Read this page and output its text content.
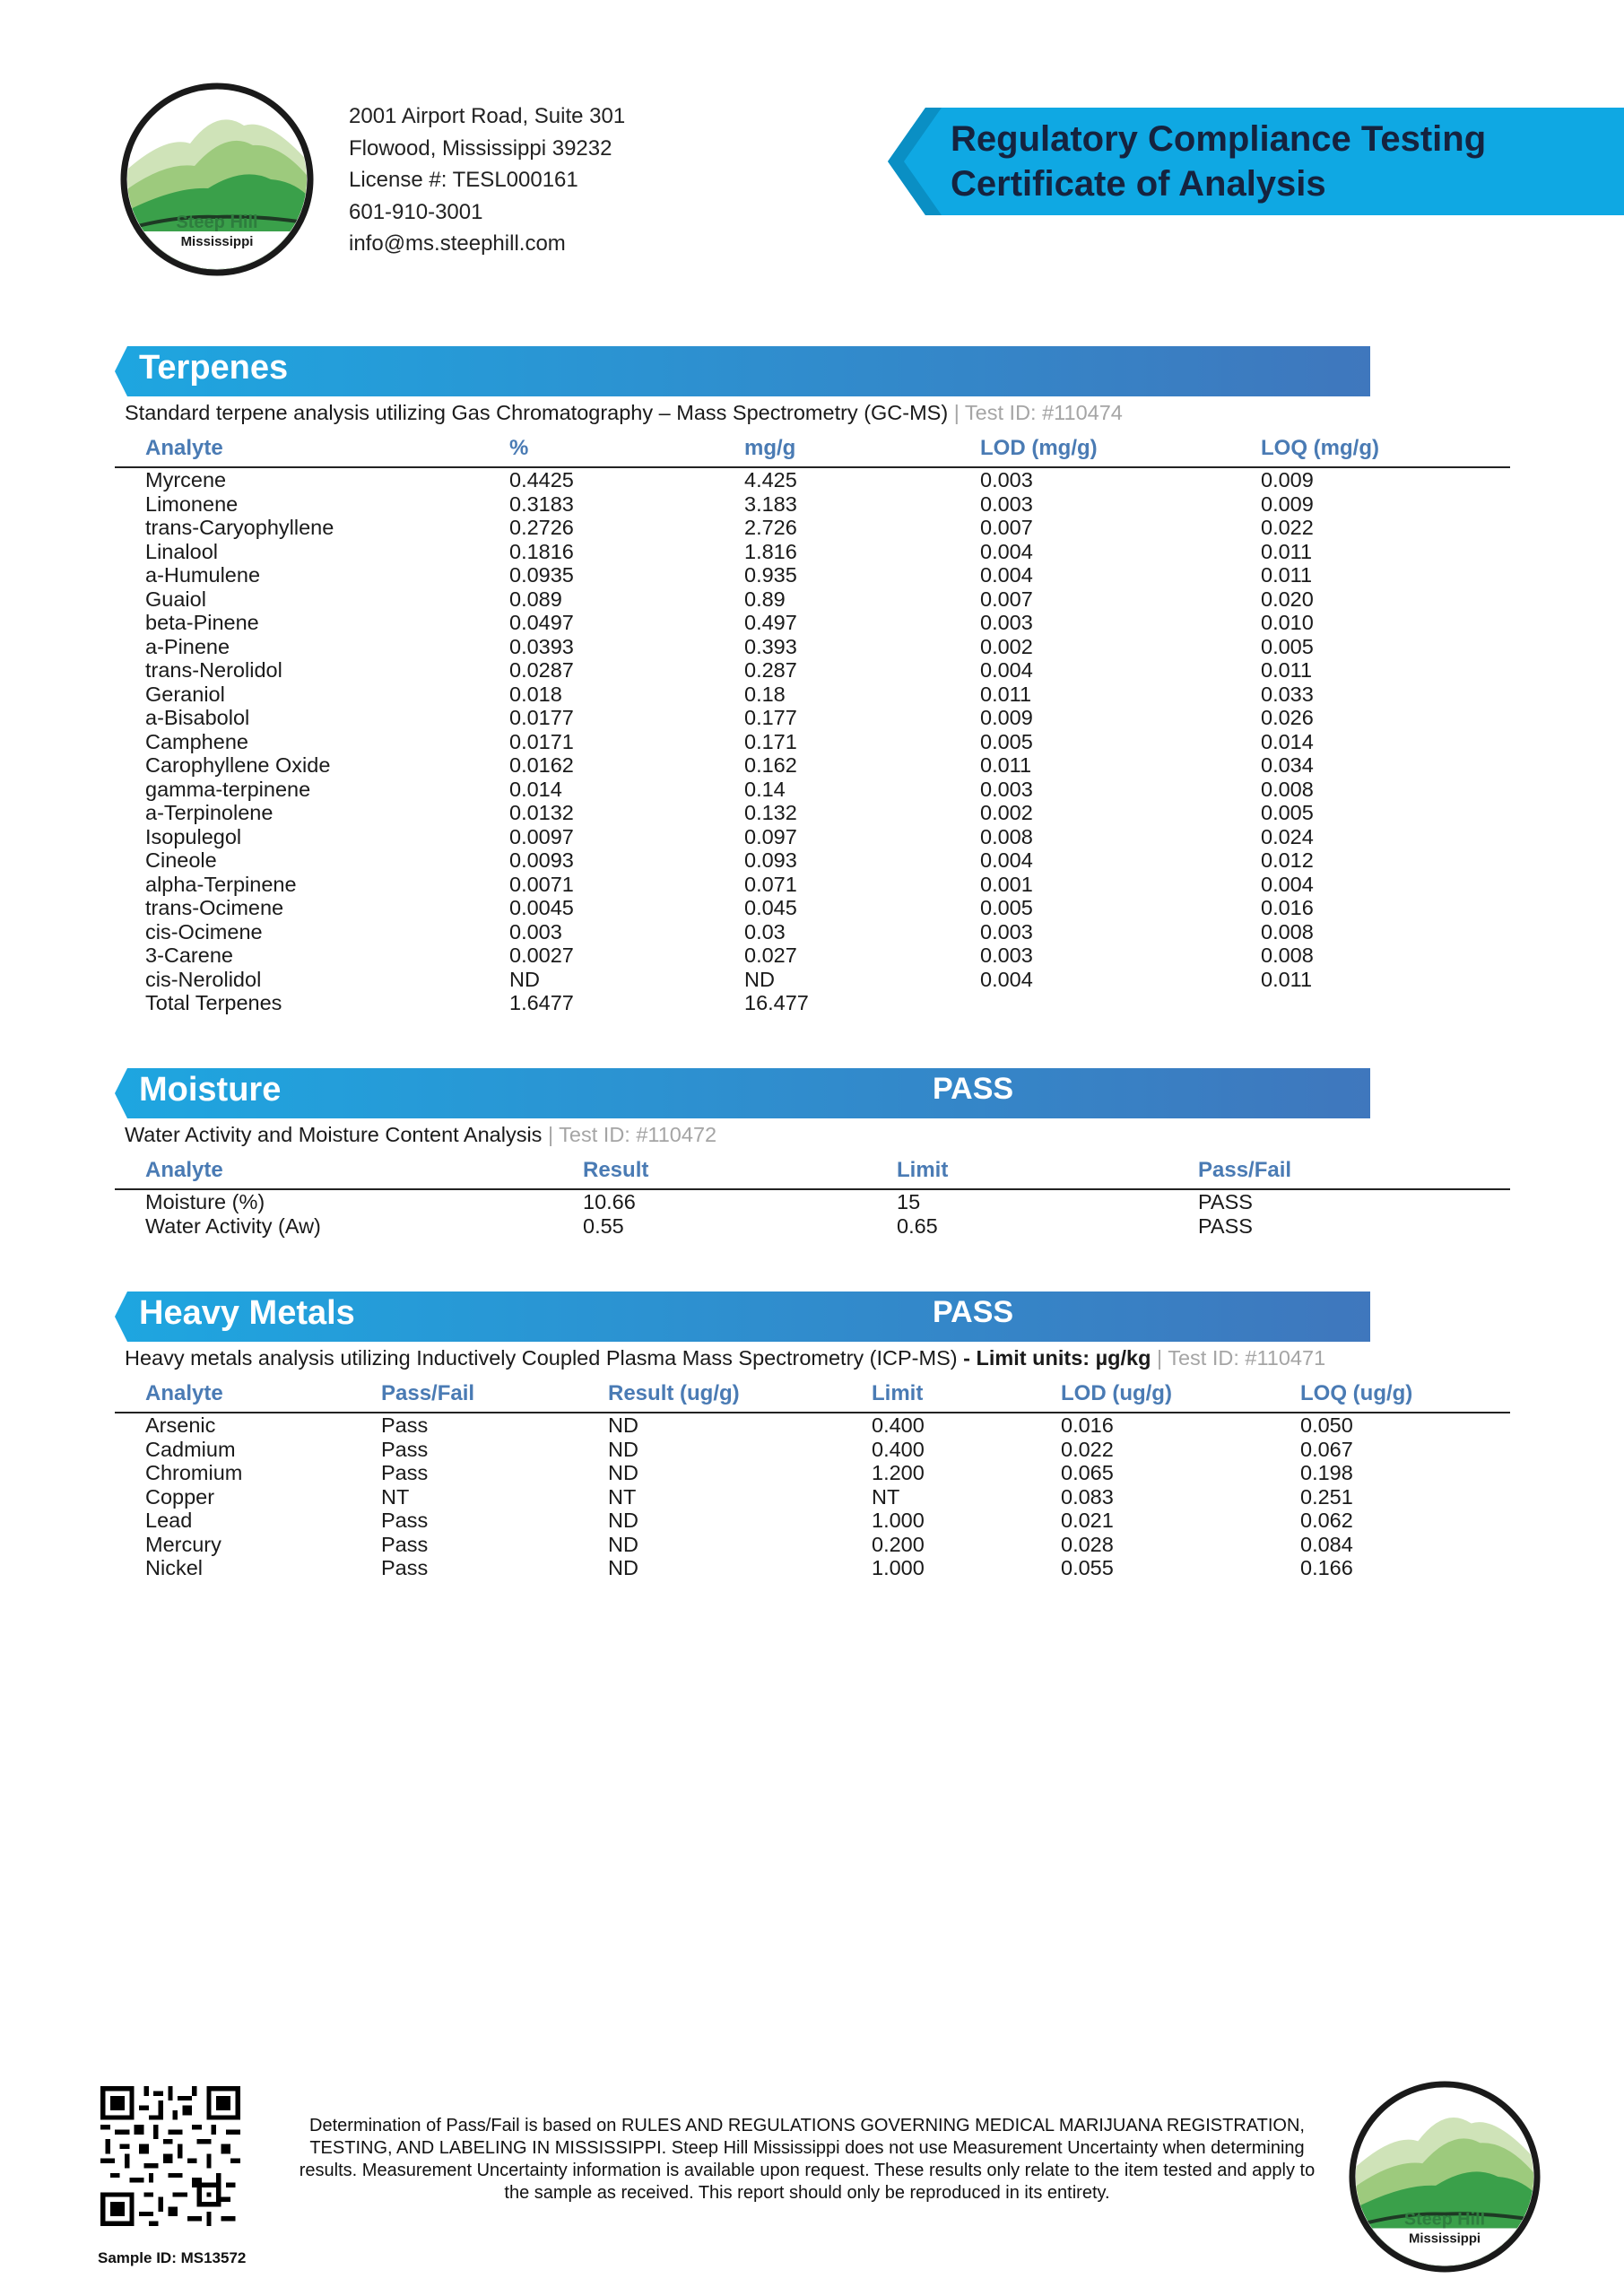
Steep Hill
Mississippi
2001 Airport Road, Suite 301
Flowood, Mississippi 39232
License #: TESL000161
601-910-3001
info@ms.steephill.com
Regulatory Compliance Testing
Certificate of Analysis
Terpenes
Standard terpene analysis utilizing Gas Chromatography – Mass Spectrometry (GC-MS) | Test ID: #110474
Analyte	%	mg/g	LOD (mg/g)	LOQ (mg/g)
Myrcene	0.4425	4.425	0.003	0.009
Limonene	0.3183	3.183	0.003	0.009
trans-Caryophyllene	0.2726	2.726	0.007	0.022
Linalool	0.1816	1.816	0.004	0.011
a-Humulene	0.0935	0.935	0.004	0.011
Guaiol	0.089	0.89	0.007	0.020
beta-Pinene	0.0497	0.497	0.003	0.010
a-Pinene	0.0393	0.393	0.002	0.005
trans-Nerolidol	0.0287	0.287	0.004	0.011
Geraniol	0.018	0.18	0.011	0.033
a-Bisabolol	0.0177	0.177	0.009	0.026
Camphene	0.0171	0.171	0.005	0.014
Carophyllene Oxide	0.0162	0.162	0.011	0.034
gamma-terpinene	0.014	0.14	0.003	0.008
a-Terpinolene	0.0132	0.132	0.002	0.005
Isopulegol	0.0097	0.097	0.008	0.024
Cineole	0.0093	0.093	0.004	0.012
alpha-Terpinene	0.0071	0.071	0.001	0.004
trans-Ocimene	0.0045	0.045	0.005	0.016
cis-Ocimene	0.003	0.03	0.003	0.008
3-Carene	0.0027	0.027	0.003	0.008
cis-Nerolidol	ND	ND	0.004	0.011
Total Terpenes	1.6477	16.477
Moisture	PASS
Water Activity and Moisture Content Analysis | Test ID: #110472
Analyte	Result	Limit	Pass/Fail
Moisture (%)	10.66	15	PASS
Water Activity (Aw)	0.55	0.65	PASS
Heavy Metals	PASS
Heavy metals analysis utilizing Inductively Coupled Plasma Mass Spectrometry (ICP-MS) - Limit units: µg/kg | Test ID: #110471
Analyte	Pass/Fail	Result (ug/g)	Limit	LOD (ug/g)	LOQ (ug/g)
Arsenic	Pass	ND	0.400	0.016	0.050
Cadmium	Pass	ND	0.400	0.022	0.067
Chromium	Pass	ND	1.200	0.065	0.198
Copper	NT	NT	NT	0.083	0.251
Lead	Pass	ND	1.000	0.021	0.062
Mercury	Pass	ND	0.200	0.028	0.084
Nickel	Pass	ND	1.000	0.055	0.166
Sample ID: MS13572
Determination of Pass/Fail is based on RULES AND REGULATIONS GOVERNING MEDICAL MARIJUANA REGISTRATION, TESTING, AND LABELING IN MISSISSIPPI. Steep Hill Mississippi does not use Measurement Uncertainty when determining results. Measurement Uncertainty information is available upon request. These results only relate to the item tested and apply to the sample as received. This report should only be reproduced in its entirety.
Steep Hill
Mississippi
